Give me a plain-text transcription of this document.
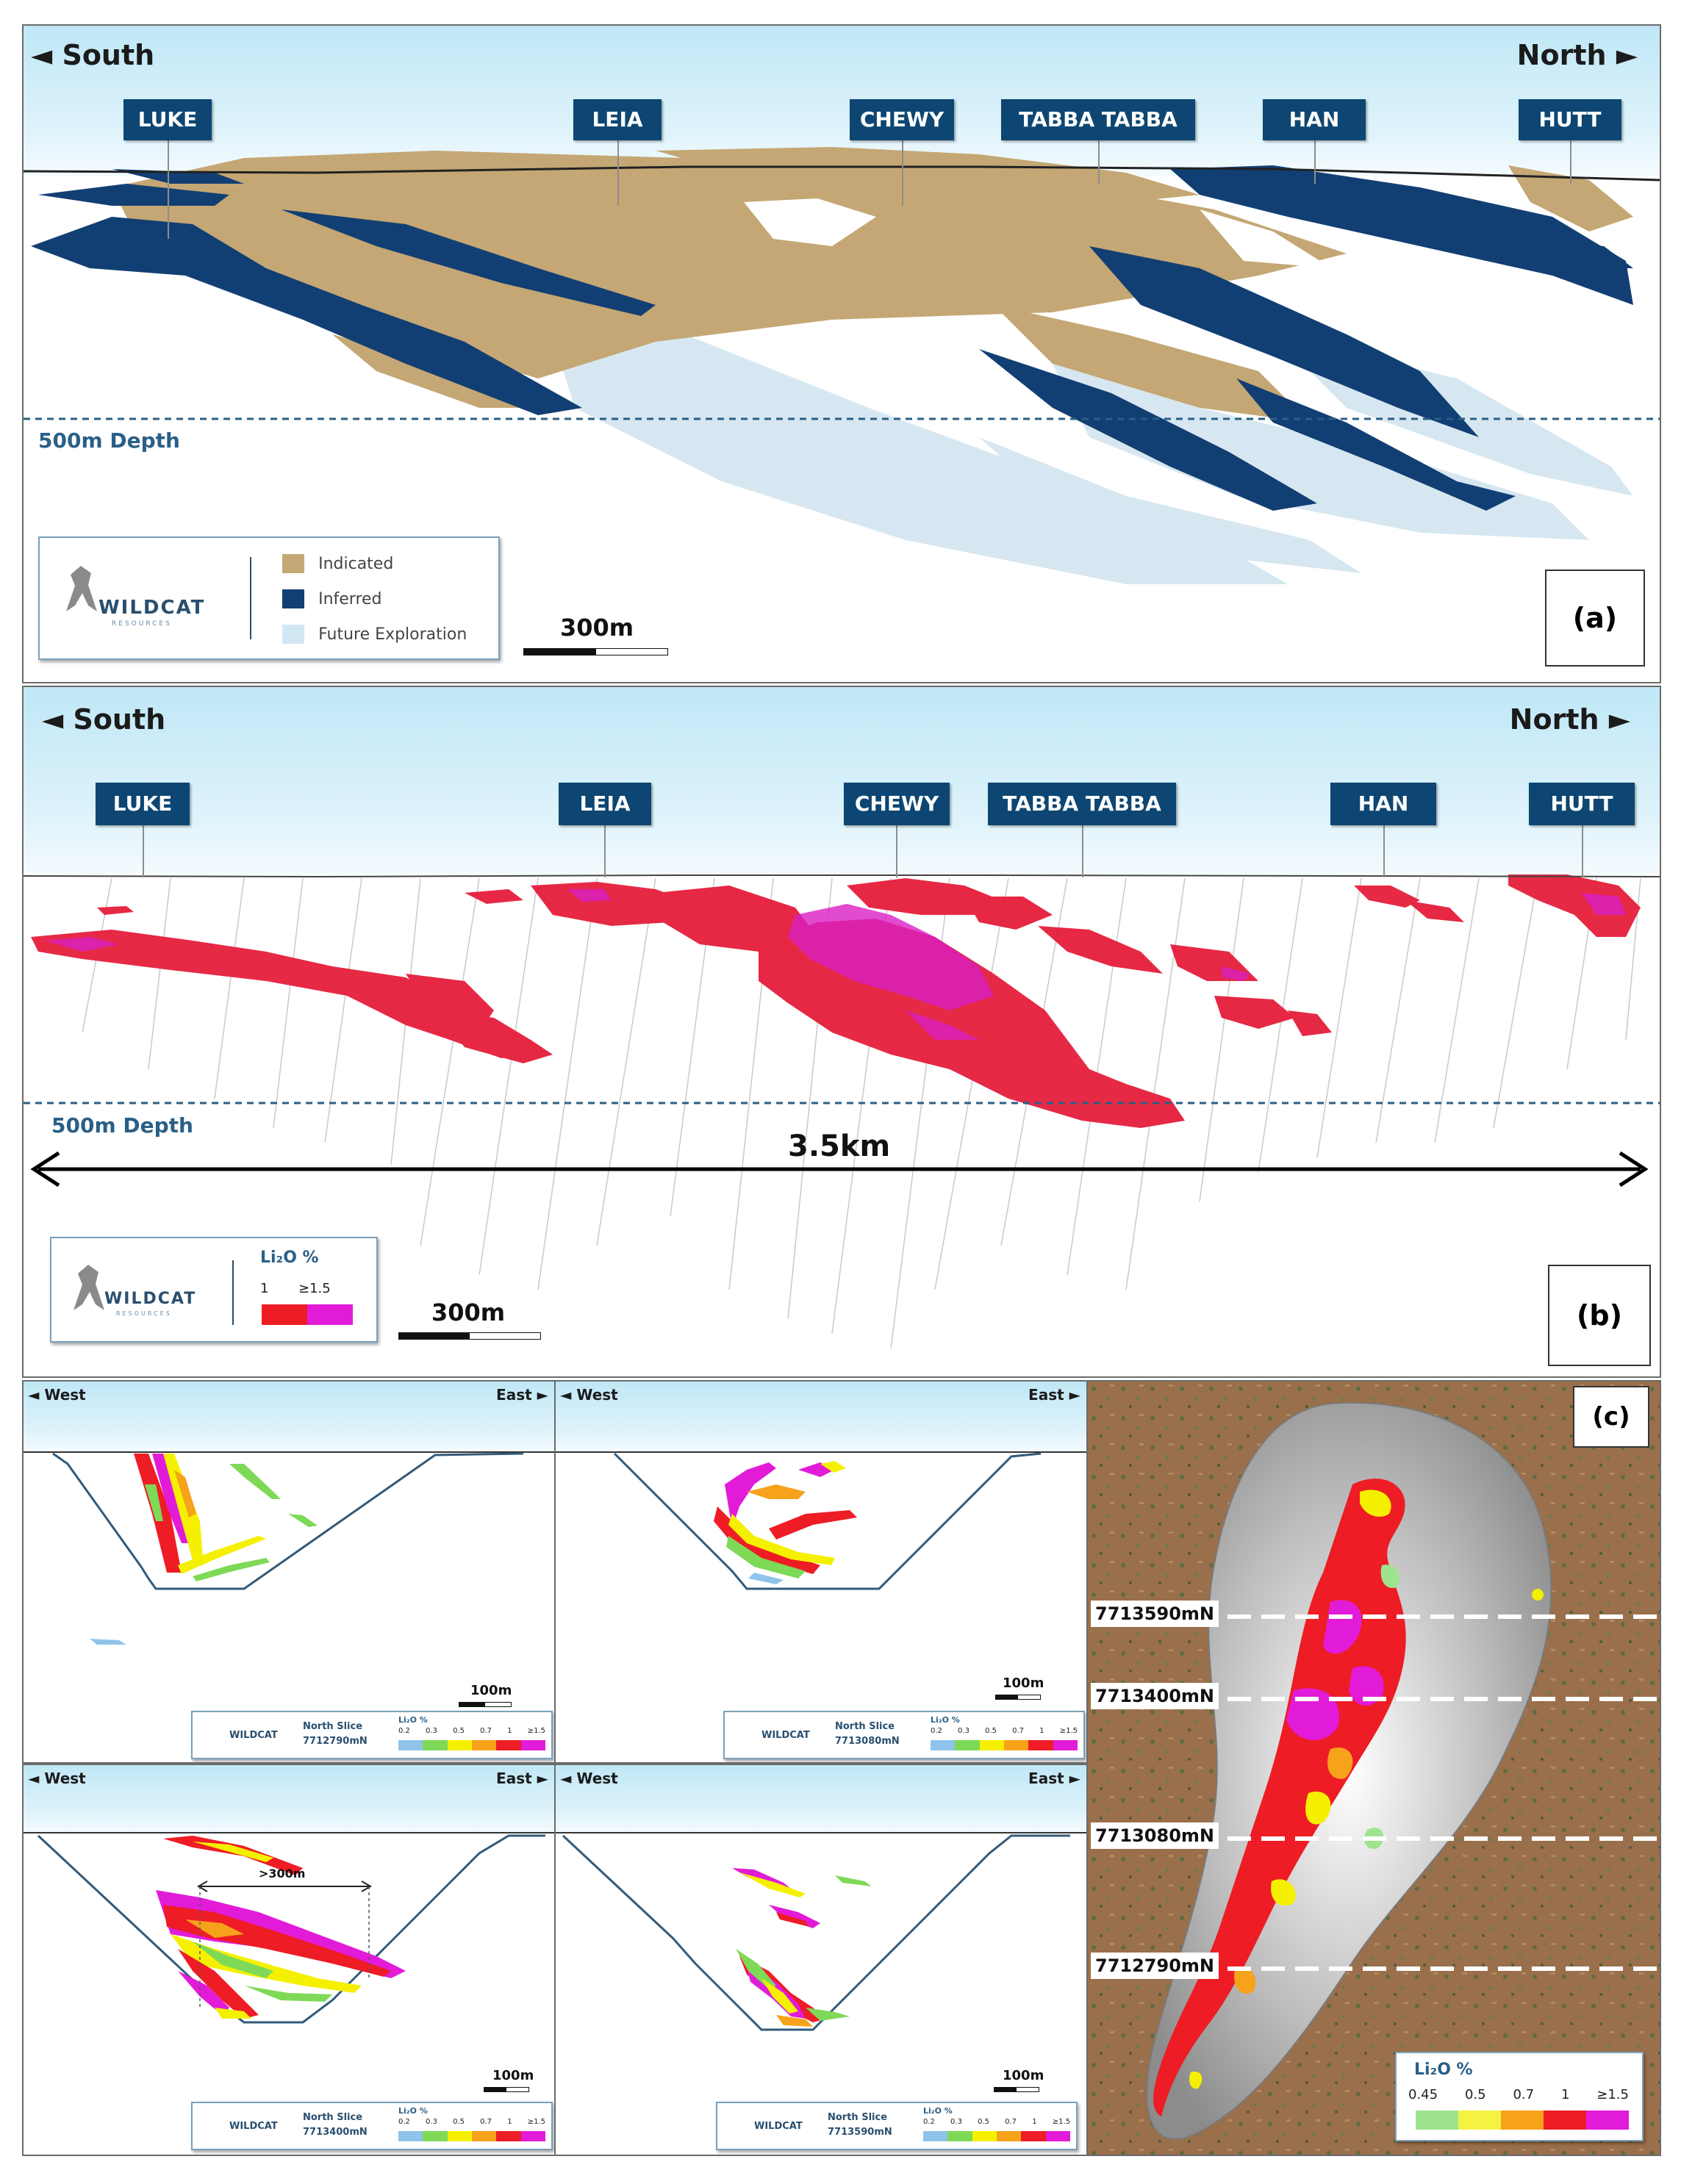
◄ South	North ►
LUKE	LEIA	CHEWY	TABBA TABBA	HAN	HUTT
500m Depth
WILDCAT
RESOURCES
Indicated
Inferred
Future Exploration	300m	(a)
◄ South	North ►
LUKE	LEIA	CHEWY	TABBA TABBA	HAN	HUTT
500m Depth
3.5km
WILDCAT
RESOURCES
Li₂O %
1 ≥1.5
300m	(b)
◄ West	East ►
100m
WILDCAT
North Slice
7712790mN
Li₂O %
0.2 0.3 0.5 0.7 1 ≥1.5
◄ West	East ►
100m
WILDCAT
North Slice
7713080mN
Li₂O %
0.2 0.3 0.5 0.7 1 ≥1.5
◄ West	East ►
>300m
100m
WILDCAT
North Slice
7713400mN
Li₂O %
0.2 0.3 0.5 0.7 1 ≥1.5
◄ West	East ►
100m
WILDCAT
North Slice
7713590mN
Li₂O %
0.2 0.3 0.5 0.7 1 ≥1.5
(c)
7713590mN
7713400mN
7713080mN
7712790mN
Li₂O %
0.45 0.5 0.7 1 ≥1.5
